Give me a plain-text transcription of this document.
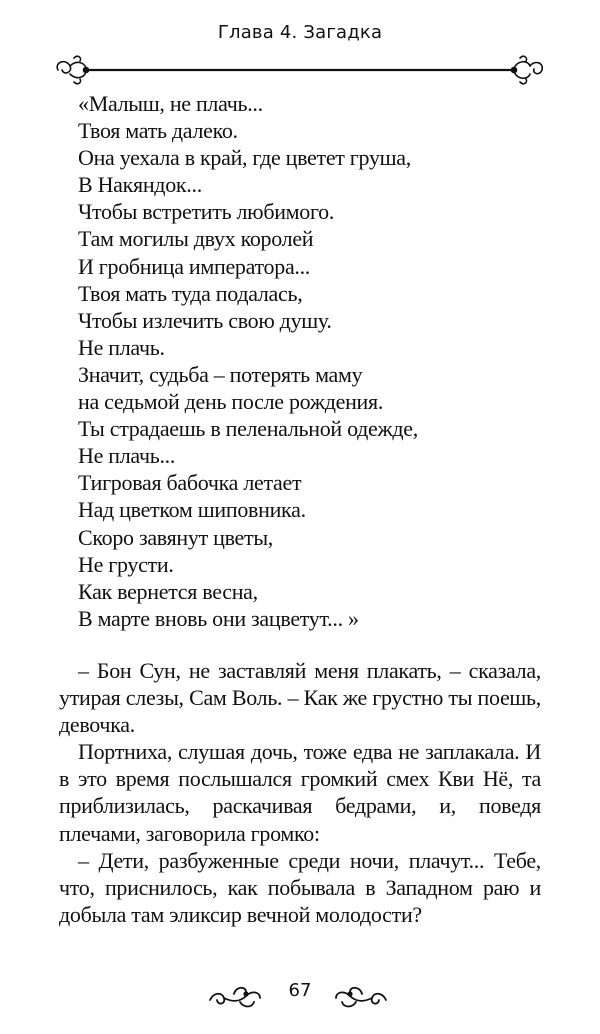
Глава 4. Загадка
«Малыш, не плачь...
Твоя мать далеко.
Она уехала в край, где цветет груша,
В Накяндок...
Чтобы встретить любимого.
Там могилы двух королей
И гробница императора...
Твоя мать туда подалась,
Чтобы излечить свою душу.
Не плачь.
Значит, судьба – потерять маму
на седьмой день после рождения.
Ты страдаешь в пеленальной одежде,
Не плачь...
Тигровая бабочка летает
Над цветком шиповника.
Скоро завянут цветы,
Не грусти.
Как вернется весна,
В марте вновь они зацветут... »

– Бон Сун, не заставляй меня плакать, – сказала, утирая слезы, Сам Воль. – Как же грустно ты поешь, девочка.

Портниха, слушая дочь, тоже едва не заплакала. И в это время послышался громкий смех Кви Нё, та приблизилась, раскачивая бедрами, и, поведя плечами, заговорила громко:

– Дети, разбуженные среди ночи, плачут... Тебе, что, приснилось, как побывала в Западном раю и добыла там эликсир вечной молодости?

67
